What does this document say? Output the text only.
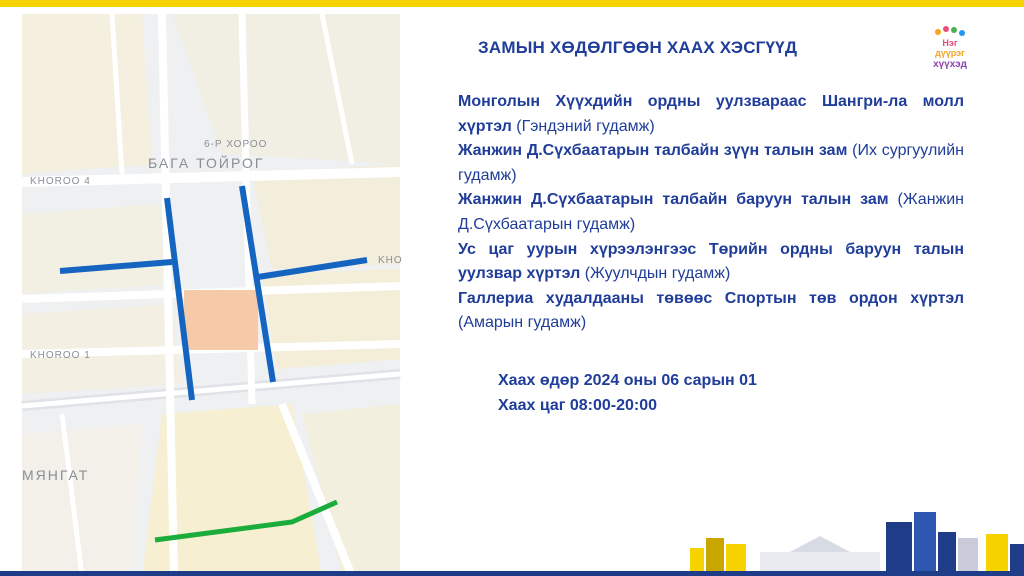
6-Р ХОРОО
БАГА ТОЙРОГ
KHOROO 4
KHO
KHOROO 1
МЯНГАТ
ЗАМЫН ХӨДӨЛГӨӨН ХААХ ХЭСГҮҮД	Нэг
дүүрэг
хүүхэд
Монголын Хүүхдийн ордны уулзвараас Шангри-ла молл хүртэл (Гэндэний гудамж)
Жанжин Д.Сүхбаатарын талбайн зүүн талын зам (Их сургуулийн гудамж)
Жанжин Д.Сүхбаатарын талбайн баруун талын зам (Жанжин Д.Сүхбаатарын гудамж)
Ус цаг уурын хүрээлэнгээс Төрийн ордны баруун талын уулзвар хүртэл (Жуулчдын гудамж)
Галлериа худалдааны төвөөс Спортын төв ордон хүртэл (Амарын гудамж)
Хаах өдөр 2024 оны 06 сарын 01
Хаах цаг 08:00-20:00
